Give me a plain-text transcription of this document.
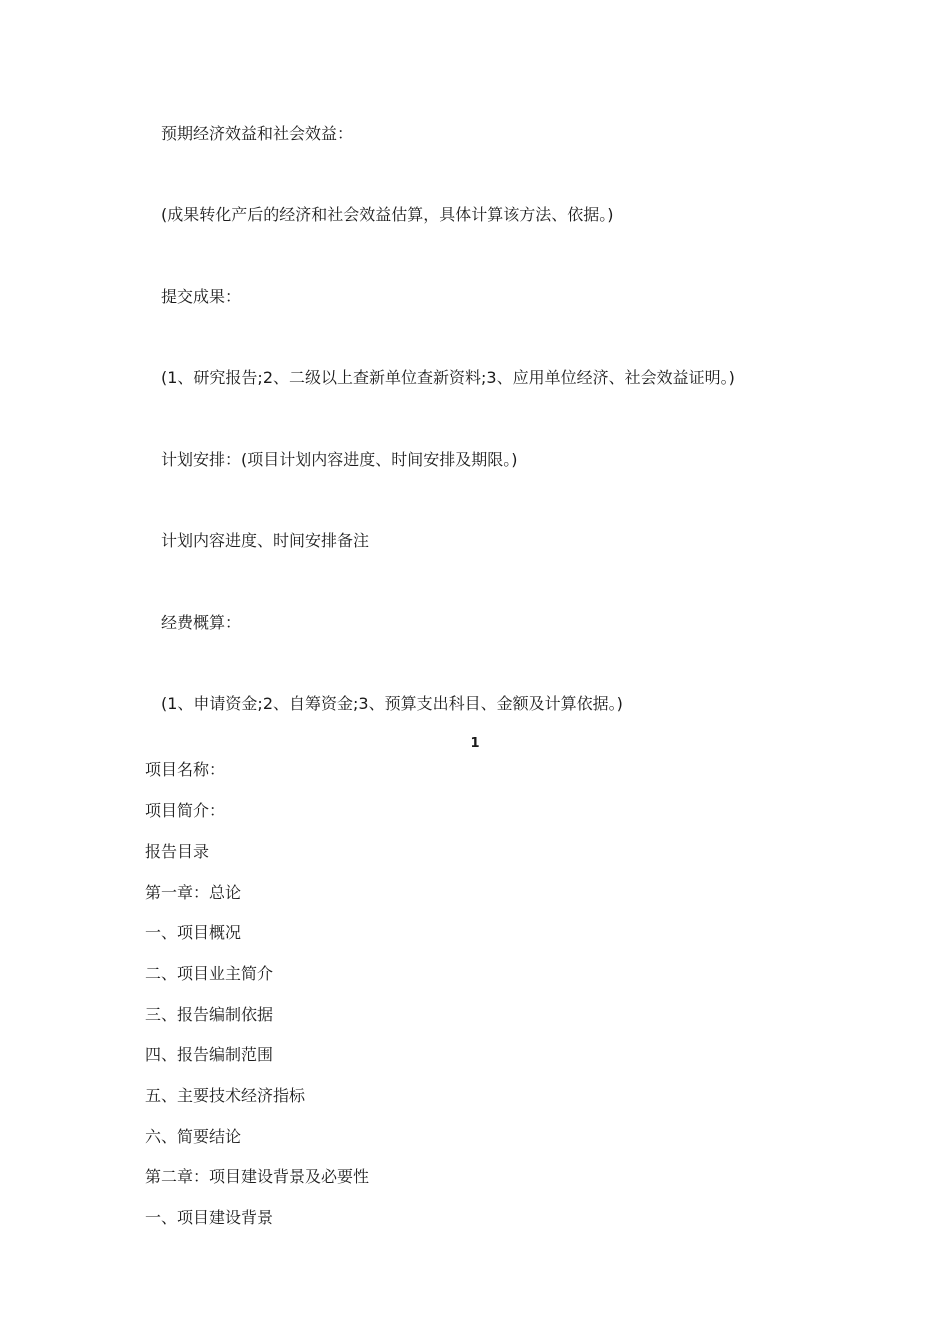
预期经济效益和社会效益：
(成果转化产后的经济和社会效益估算，具体计算该方法、依据。)
提交成果：
(1、研究报告;2、二级以上查新单位查新资料;3、应用单位经济、社会效益证明。)
计划安排：(项目计划内容进度、时间安排及期限。)
计划内容进度、时间安排备注
经费概算：
(1、申请资金;2、自筹资金;3、预算支出科目、金额及计算依据。)
1
项目名称：
项目简介：
报告目录
第一章：总论
一、项目概况
二、项目业主简介
三、报告编制依据
四、报告编制范围
五、主要技术经济指标
六、简要结论
第二章：项目建设背景及必要性
一、项目建设背景
